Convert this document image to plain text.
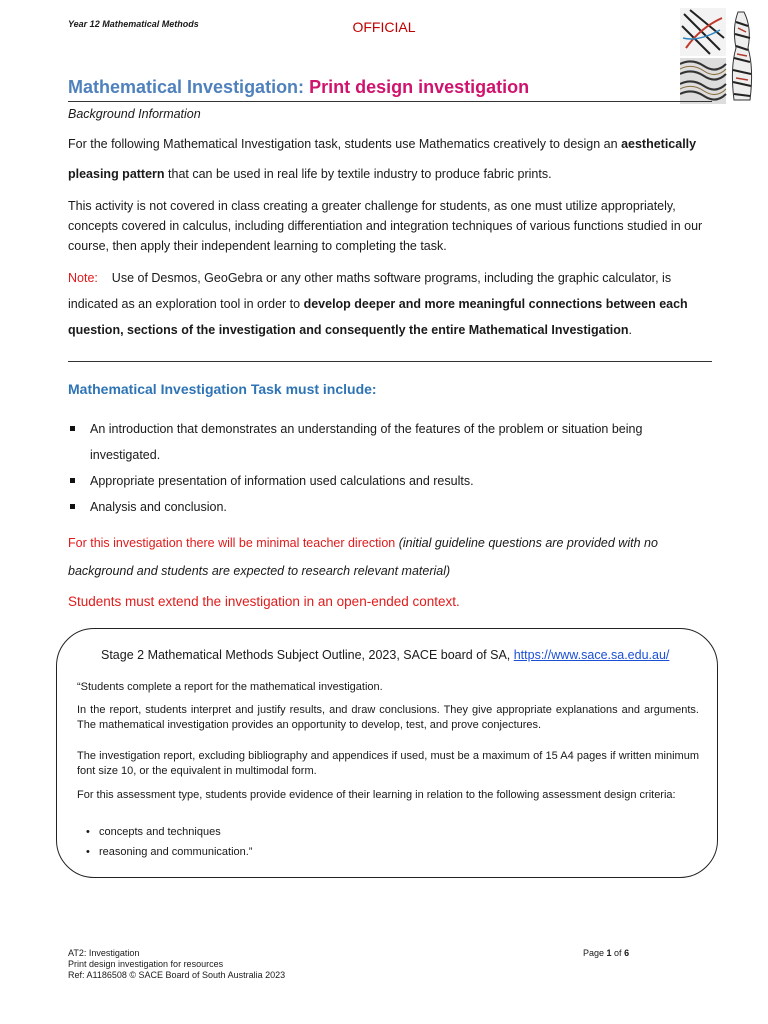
Year 12 Mathematical Methods	OFFICIAL
Mathematical Investigation: Print design investigation
Background Information
For the following Mathematical Investigation task, students use Mathematics creatively to design an aesthetically pleasing pattern that can be used in real life by textile industry to produce fabric prints.
This activity is not covered in class creating a greater challenge for students, as one must utilize appropriately, concepts covered in calculus, including differentiation and integration techniques of various functions studied in our course, then apply their independent learning to completing the task.
Note: Use of Desmos, GeoGebra or any other maths software programs, including the graphic calculator, is indicated as an exploration tool in order to develop deeper and more meaningful connections between each question, sections of the investigation and consequently the entire Mathematical Investigation.
Mathematical Investigation Task must include:
An introduction that demonstrates an understanding of the features of the problem or situation being investigated.
Appropriate presentation of information used calculations and results.
Analysis and conclusion.
For this investigation there will be minimal teacher direction (initial guideline questions are provided with no background and students are expected to research relevant material)
Students must extend the investigation in an open-ended context.
Stage 2 Mathematical Methods Subject Outline, 2023, SACE board of SA, https://www.sace.sa.edu.au/
“Students complete a report for the mathematical investigation.
In the report, students interpret and justify results, and draw conclusions. They give appropriate explanations and arguments. The mathematical investigation provides an opportunity to develop, test, and prove conjectures.
The investigation report, excluding bibliography and appendices if used, must be a maximum of 15 A4 pages if written minimum font size 10, or the equivalent in multimodal form.
For this assessment type, students provide evidence of their learning in relation to the following assessment design criteria:
• concepts and techniques
• reasoning and communication.”
AT2: Investigation
Print design investigation for resources
Ref: A1186508 © SACE Board of South Australia 2023
Page 1 of 6
